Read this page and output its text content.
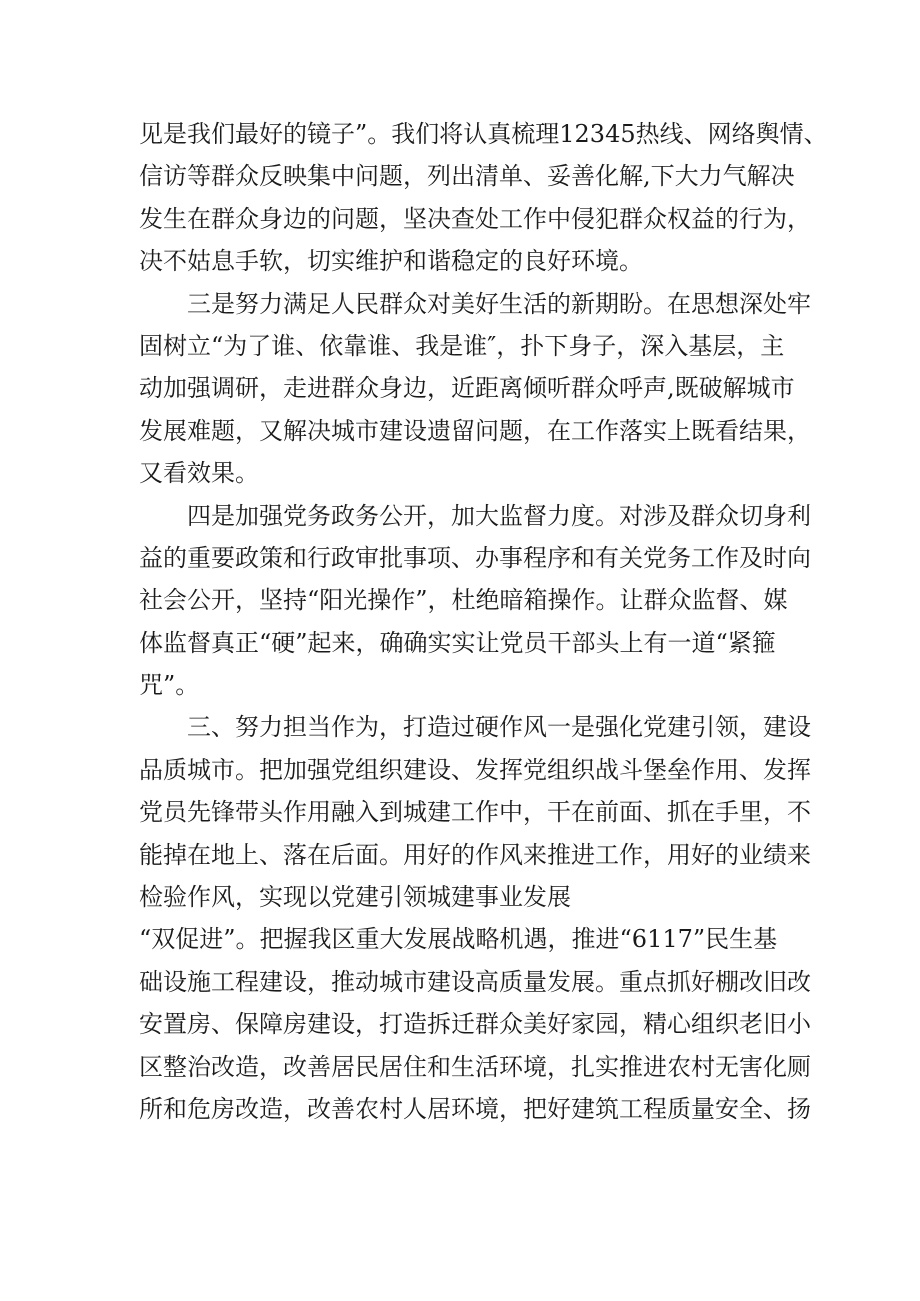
见是我们最好的镜子”。我们将认真梳理12345热线、网络舆情、
信访等群众反映集中问题，列出清单、妥善化解,下大力气解决
发生在群众身边的问题，坚决查处工作中侵犯群众权益的行为，
决不姑息手软，切实维护和谐稳定的良好环境。
三是努力满足人民群众对美好生活的新期盼。在思想深处牢
固树立“为了谁、依靠谁、我是谁″，扑下身子，深入基层，主
动加强调研，走进群众身边，近距离倾听群众呼声,既破解城市
发展难题，又解决城市建设遗留问题，在工作落实上既看结果，
又看效果。
四是加强党务政务公开，加大监督力度。对涉及群众切身利
益的重要政策和行政审批事项、办事程序和有关党务工作及时向
社会公开，坚持“阳光操作”，杜绝暗箱操作。让群众监督、媒
体监督真正“硬”起来，确确实实让党员干部头上有一道“紧箍
咒”。
三、努力担当作为，打造过硬作风一是强化党建引领，建设
品质城市。把加强党组织建设、发挥党组织战斗堡垒作用、发挥
党员先锋带头作用融入到城建工作中，干在前面、抓在手里，不
能掉在地上、落在后面。用好的作风来推进工作，用好的业绩来
检验作风，实现以党建引领城建事业发展
“双促进”。把握我区重大发展战略机遇，推进“6117”民生基
础设施工程建设，推动城市建设高质量发展。重点抓好棚改旧改
安置房、保障房建设，打造拆迁群众美好家园，精心组织老旧小
区整治改造，改善居民居住和生活环境，扎实推进农村无害化厕
所和危房改造，改善农村人居环境，把好建筑工程质量安全、扬
